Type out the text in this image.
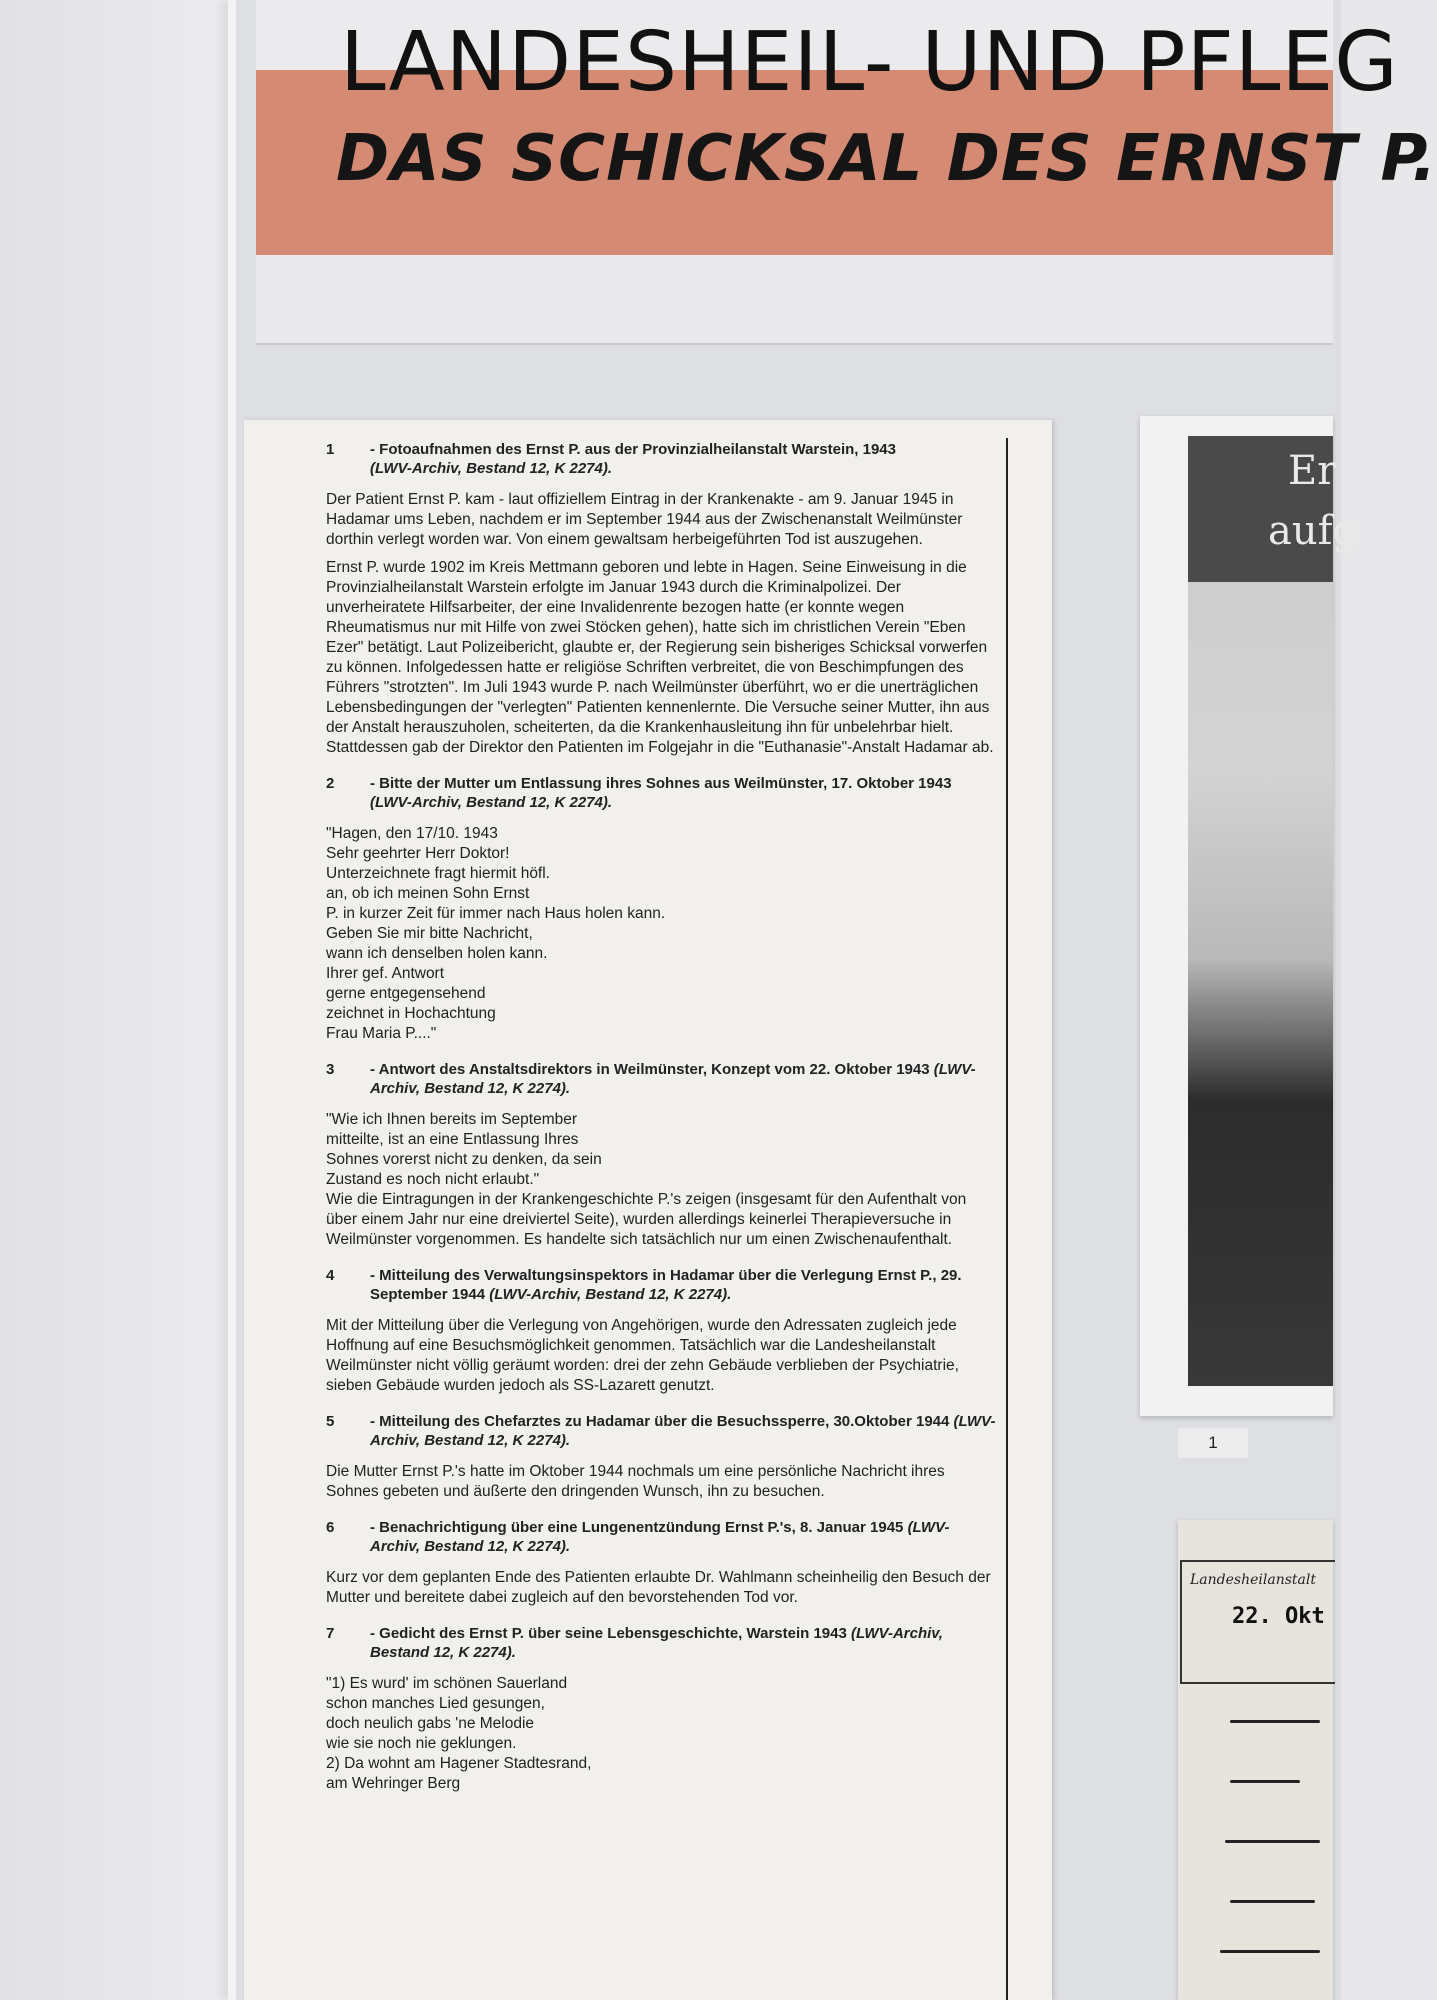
LANDESHEIL- UND PFLEG
DAS SCHICKSAL DES ERNST P.
1	- Fotoaufnahmen des Ernst P. aus der Provinzialheilanstalt Warstein, 1943
(LWV-Archiv, Bestand 12, K 2274).

Der Patient Ernst P. kam - laut offiziellem Eintrag in der Krankenakte - am 9. Januar 1945 in Hadamar ums Leben, nachdem er im September 1944 aus der Zwischenanstalt Weilmünster dorthin verlegt worden war. Von einem gewaltsam herbeigeführten Tod ist auszugehen.

Ernst P. wurde 1902 im Kreis Mettmann geboren und lebte in Hagen. Seine Einweisung in die Provinzialheilanstalt Warstein erfolgte im Januar 1943 durch die Kriminalpolizei. Der unverheiratete Hilfsarbeiter, der eine Invalidenrente bezogen hatte (er konnte wegen Rheumatismus nur mit Hilfe von zwei Stöcken gehen), hatte sich im christlichen Verein "Eben Ezer" betätigt. Laut Polizeibericht, glaubte er, der Regierung sein bisheriges Schicksal vorwerfen zu können. Infolgedessen hatte er religiöse Schriften verbreitet, die von Beschimpfungen des Führers "strotzten". Im Juli 1943 wurde P. nach Weilmünster überführt, wo er die unerträglichen Lebensbedingungen der "verlegten" Patienten kennenlernte. Die Versuche seiner Mutter, ihn aus der Anstalt herauszuholen, scheiterten, da die Krankenhausleitung ihn für unbelehrbar hielt. Stattdessen gab der Direktor den Patienten im Folgejahr in die "Euthanasie"-Anstalt Hadamar ab.

2	- Bitte der Mutter um Entlassung ihres Sohnes aus Weilmünster, 17. Oktober 1943 (LWV-Archiv, Bestand 12, K 2274).

"Hagen, den 17/10. 1943
Sehr geehrter Herr Doktor!
Unterzeichnete fragt hiermit höfl.
an, ob ich meinen Sohn Ernst
P. in kurzer Zeit für immer nach Haus holen kann.
Geben Sie mir bitte Nachricht,
wann ich denselben holen kann.
Ihrer gef. Antwort
gerne entgegensehend
zeichnet in Hochachtung
Frau Maria P...."

3	- Antwort des Anstaltsdirektors in Weilmünster, Konzept vom 22. Oktober 1943 (LWV-Archiv, Bestand 12, K 2274).

"Wie ich Ihnen bereits im September
mitteilte, ist an eine Entlassung Ihres
Sohnes vorerst nicht zu denken, da sein
Zustand es noch nicht erlaubt."

Wie die Eintragungen in der Krankengeschichte P.'s zeigen (insgesamt für den Aufenthalt von über einem Jahr nur eine dreiviertel Seite), wurden allerdings keinerlei Therapieversuche in Weilmünster vorgenommen. Es handelte sich tatsächlich nur um einen Zwischenaufenthalt.

4	- Mitteilung des Verwaltungsinspektors in Hadamar über die Verlegung Ernst P., 29. September 1944 (LWV-Archiv, Bestand 12, K 2274).

Mit der Mitteilung über die Verlegung von Angehörigen, wurde den Adressaten zugleich jede Hoffnung auf eine Besuchsmöglichkeit genommen. Tatsächlich war die Landesheilanstalt Weilmünster nicht völlig geräumt worden: drei der zehn Gebäude verblieben der Psychiatrie, sieben Gebäude wurden jedoch als SS-Lazarett genutzt.

5	- Mitteilung des Chefarztes zu Hadamar über die Besuchssperre, 30.Oktober 1944 (LWV-Archiv, Bestand 12, K 2274).

Die Mutter Ernst P.'s hatte im Oktober 1944 nochmals um eine persönliche Nachricht ihres Sohnes gebeten und äußerte den dringenden Wunsch, ihn zu besuchen.

6	- Benachrichtigung über eine Lungenentzündung Ernst P.'s, 8. Januar 1945 (LWV-Archiv, Bestand 12, K 2274).

Kurz vor dem geplanten Ende des Patienten erlaubte Dr. Wahlmann scheinheilig den Besuch der Mutter und bereitete dabei zugleich auf den bevorstehenden Tod vor.

7	- Gedicht des Ernst P. über seine Lebensgeschichte, Warstein 1943 (LWV-Archiv, Bestand 12, K 2274).

"1) Es wurd' im schönen Sauerland
schon manches Lied gesungen,
doch neulich gabs 'ne Melodie
wie sie noch nie geklungen.
2) Da wohnt am Hagener Stadtesrand,
am Wehringer Berg

Er
aufg
1
Landesheilanstalt
22. Okt
